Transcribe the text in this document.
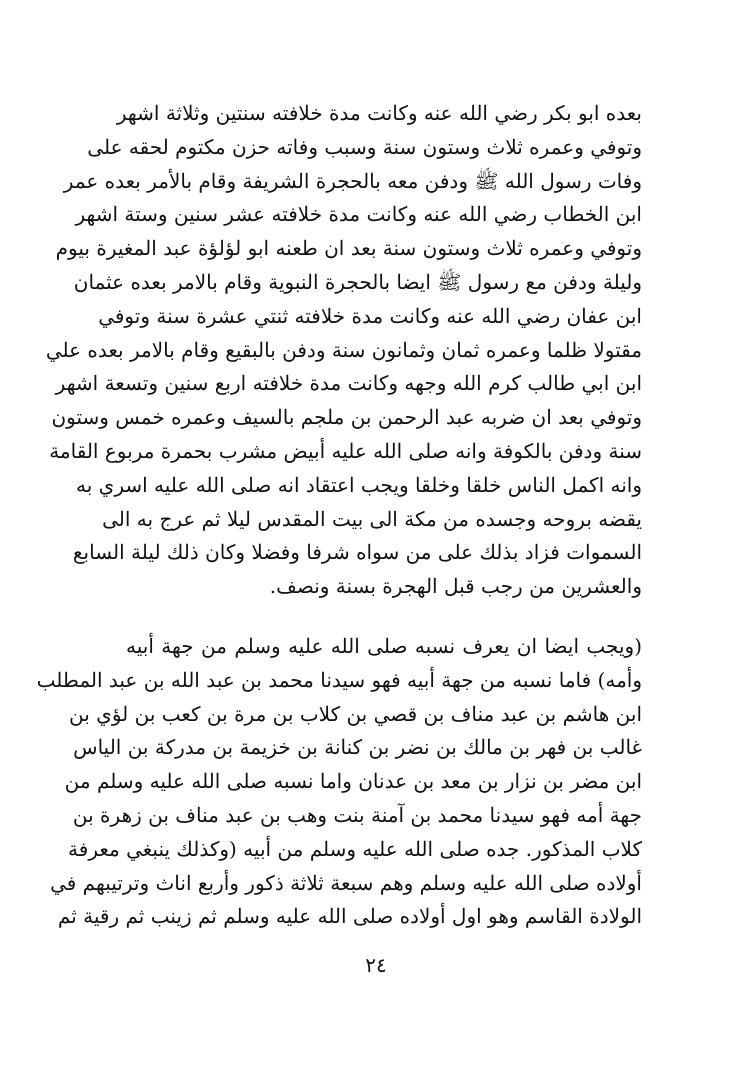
بعده ابو بكر رضي الله عنه وكانت مدة خلافته سنتين وثلاثة اشهر
وتوفي وعمره ثلاث وستون سنة وسبب وفاته حزن مكتوم لحقه على
وفات رسول الله ﷺ ودفن معه بالحجرة الشريفة وقام بالأمر بعده عمر
ابن الخطاب رضي الله عنه وكانت مدة خلافته عشر سنين وستة اشهر
وتوفي وعمره ثلاث وستون سنة بعد ان طعنه ابو لؤلؤة عبد المغيرة بيوم
وليلة ودفن مع رسول ﷺ ايضا بالحجرة النبوية وقام بالامر بعده عثمان
ابن عفان رضي الله عنه وكانت مدة خلافته ثنتي عشرة سنة وتوفي
مقتولا ظلما وعمره ثمان وثمانون سنة ودفن بالبقيع وقام بالامر بعده علي
ابن ابي طالب كرم الله وجهه وكانت مدة خلافته اربع سنين وتسعة اشهر
وتوفي بعد ان ضربه عبد الرحمن بن ملجم بالسيف وعمره خمس وستون
سنة ودفن بالكوفة وانه صلى الله عليه أبيض مشرب بحمرة مربوع القامة
وانه اكمل الناس خلقا وخلقا ويجب اعتقاد انه صلى الله عليه اسري به
يقضه بروحه وجسده من مكة الى بيت المقدس ليلا ثم عرج به الى
السموات فزاد بذلك على من سواه شرفا وفضلا وكان ذلك ليلة السابع
والعشرين من رجب قبل الهجرة بسنة ونصف.
(ويجب ايضا ان يعرف نسبه صلى الله عليه وسلم من جهة أبيه
وأمه) فاما نسبه من جهة أبيه فهو سيدنا محمد بن عبد الله بن عبد المطلب
ابن هاشم بن عبد مناف بن قصي بن كلاب بن مرة بن كعب بن لؤي بن
غالب بن فهر بن مالك بن نضر بن كنانة بن خزيمة بن مدركة بن الياس
ابن مضر بن نزار بن معد بن عدنان واما نسبه صلى الله عليه وسلم من
جهة أمه فهو سيدنا محمد بن آمنة بنت وهب بن عبد مناف بن زهرة بن
كلاب المذكور. جده صلى الله عليه وسلم من أبيه (وكذلك ينبغي معرفة
أولاده صلى الله عليه وسلم وهم سبعة ثلاثة ذكور وأربع اناث وترتيبهم في
الولادة القاسم وهو اول أولاده صلى الله عليه وسلم ثم زينب ثم رقية ثم
٢٤
